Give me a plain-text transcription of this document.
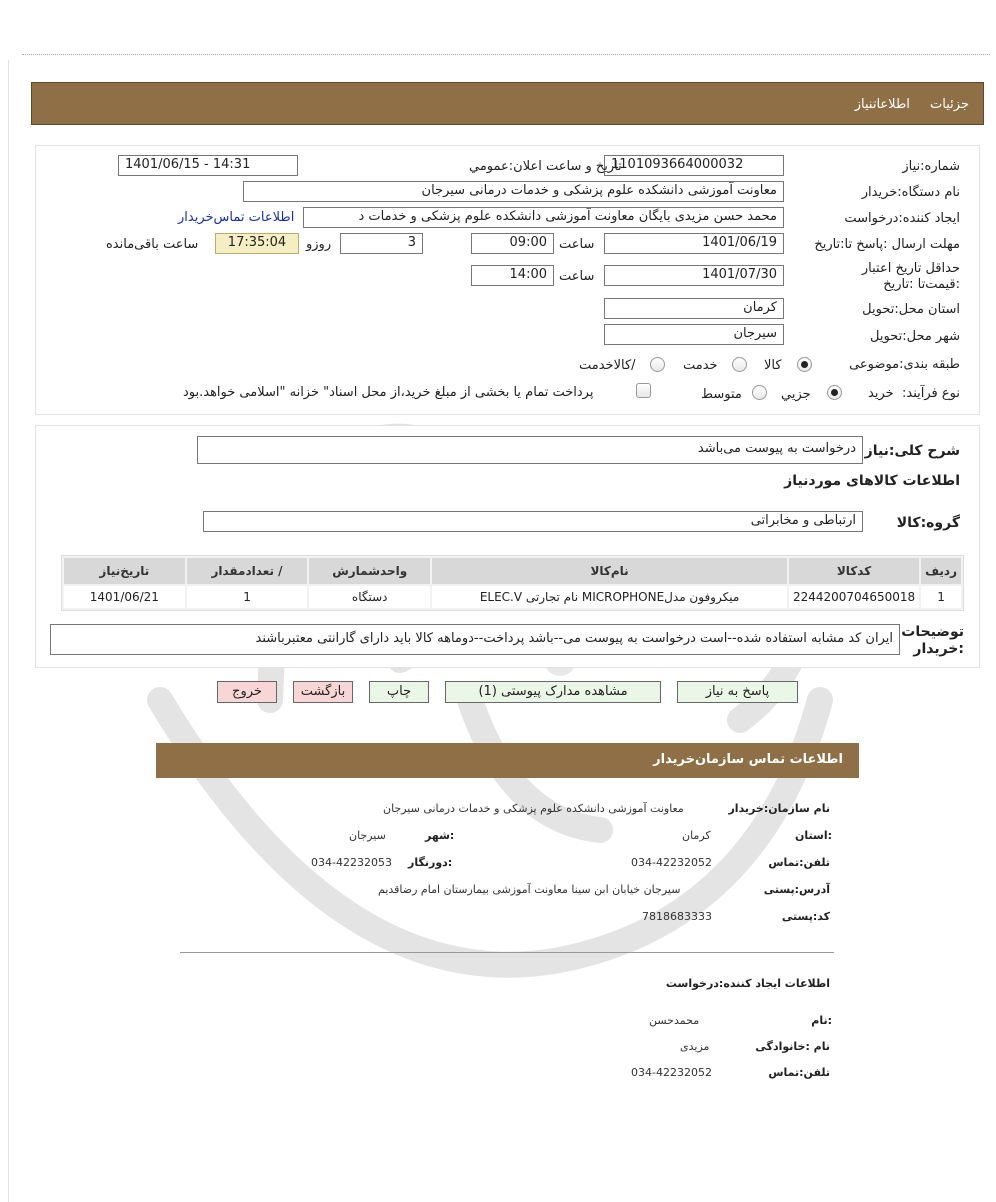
جزئیات اطلاعاتنیاز
شماره:نیاز
1101093664000032
تاریخ و ساعت اعلان:عمومي
1401/06/15 - 14:31
نام دستگاه:خریدار
معاونت آموزشی دانشکده علوم پزشکی و خدمات درمانی سیرجان
ایجاد کننده:درخواست
محمد حسن مزیدی بایگان معاونت آموزشی دانشکده علوم پزشکی و خدمات د
اطلاعات تماس‌خریدار
مهلت ارسال :پاسخ تا:تاریخ
1401/06/19
ساعت
09:00
3
روزو
17:35:04
ساعت باقی‌مانده
حداقل تاریخ اعتبار :قیمت‌تا :تاریخ
1401/07/30
ساعت
14:00
استان محل:تحویل
کرمان
شهر محل:تحویل
سیرجان
طبقه بندی:موضوعی
کالا
خدمت
/کالاخدمت
نوع فرآیند:
خرید
جزيي
متوسط
پرداخت تمام یا بخشی از مبلغ خرید،از محل اسناد" خزانه "اسلامی خواهد.بود
شرح کلی:نیاز
درخواست به پیوست می‌باشد
اطلاعات کالاهای موردنیاز
گروه:کالا
ارتباطی و مخابراتی
ردیف	کدکالا	نام‌کالا	واحدشمارش	/ تعدادمقدار	تاریخ‌نیاز
1	2244200704650018	میکروفون مدلMICROPHONE نام تجارتی ELEC.V	دستگاه	1	1401/06/21
توضیحات :خریدار
ایران کد مشابه استفاده شده--است درخواست به پیوست می--باشد پرداخت--دوماهه کالا باید دارای گارانتی معتبرباشند
پاسخ به نیاز
مشاهده مدارک پیوستی (1)
چاپ
بازگشت
خروج
اطلاعات تماس سازمان‌خریدار
نام سازمان:خریدار
معاونت آموزشی دانشکده علوم پزشکی و خدمات درمانی سیرجان
:استان
کرمان
:شهر
سیرجان
تلفن:تماس
034-42232052
:دورنگار
034-42232053
آدرس:پستی
سیرجان خیابان ابن سینا معاونت آموزشی بیمارستان امام رضاقدیم
کد:پستی
7818683333
اطلاعات ایجاد کننده:درخواست
:نام
محمدحسن
نام :خانوادگی
مزیدی
تلفن:تماس
034-42232052
